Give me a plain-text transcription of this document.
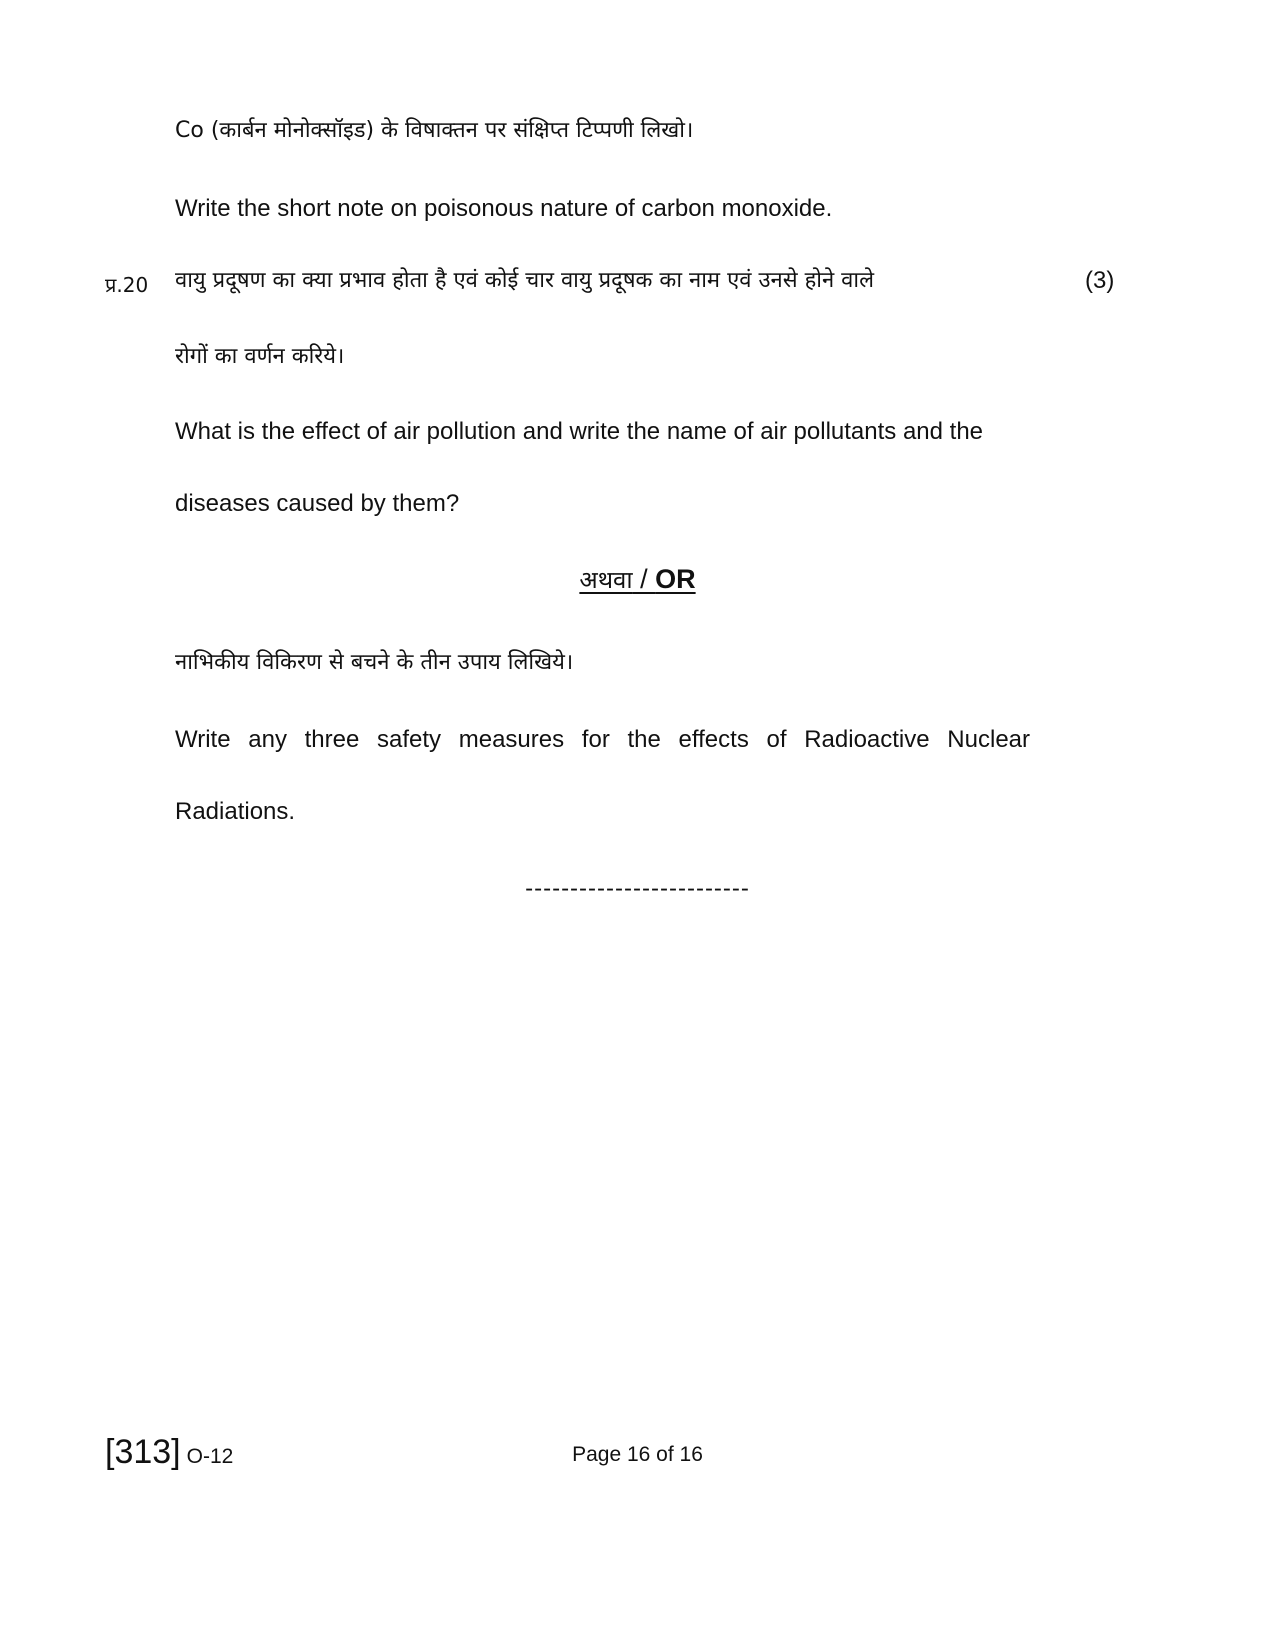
Co (कार्बन मोनोक्सॉइड) के विषाक्तन पर संक्षिप्त टिप्पणी लिखो।
Write the short note on poisonous nature of carbon monoxide.
प्र.20	(3)
वायु प्रदूषण का क्या प्रभाव होता है एवं कोई चार वायु प्रदूषक का नाम एवं उनसे होने वाले
रोगों का वर्णन करिये।
What is the effect of air pollution and write the name of air pollutants and the
diseases caused by them?
अथवा / OR
नाभिकीय विकिरण से बचने के तीन उपाय लिखिये।
Write any three safety measures for the effects of Radioactive Nuclear
Radiations.
-------------------------
[313] O-12	Page 16 of 16
